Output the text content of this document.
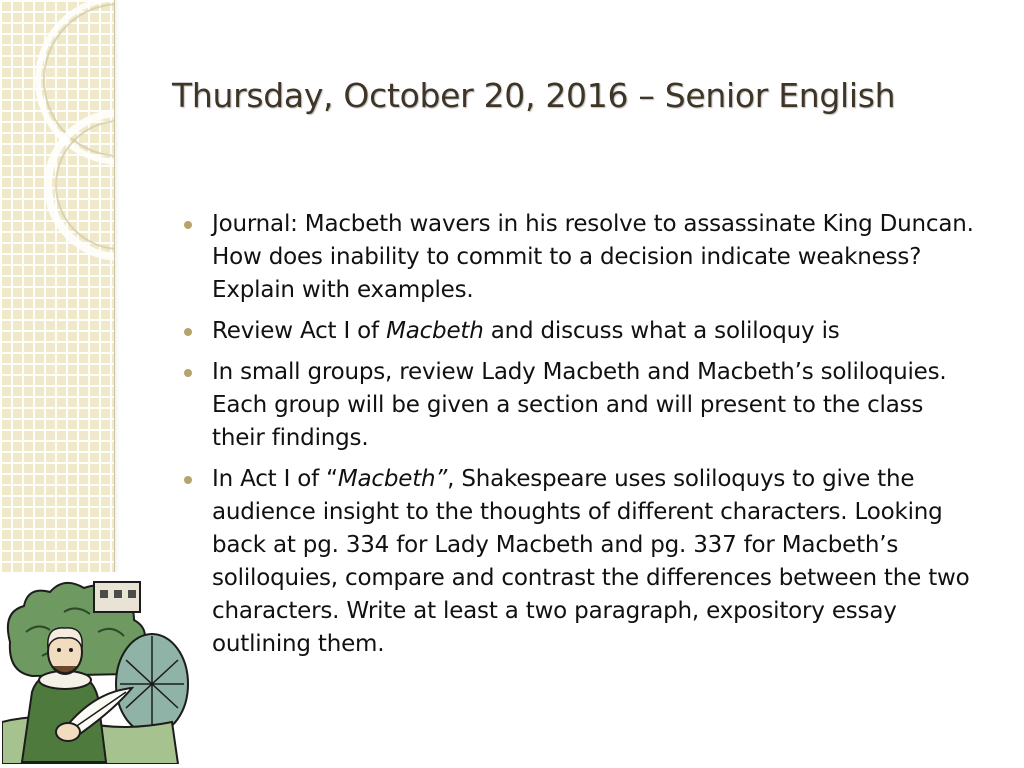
Thursday, October 20, 2016 – Senior English
Journal: Macbeth wavers in his resolve to assassinate King Duncan. How does inability to commit to a decision indicate weakness? Explain with examples.
Review Act I of Macbeth and discuss what a soliloquy is
In small groups, review Lady Macbeth and Macbeth’s soliloquies. Each group will be given a section and will present to the class their findings.
In Act I of “Macbeth”, Shakespeare uses soliloquys to give the audience insight to the thoughts of different characters. Looking back at pg. 334 for Lady Macbeth and pg. 337 for Macbeth’s soliloquies, compare and contrast the differences between the two characters. Write at least a two paragraph, expository essay outlining them.
